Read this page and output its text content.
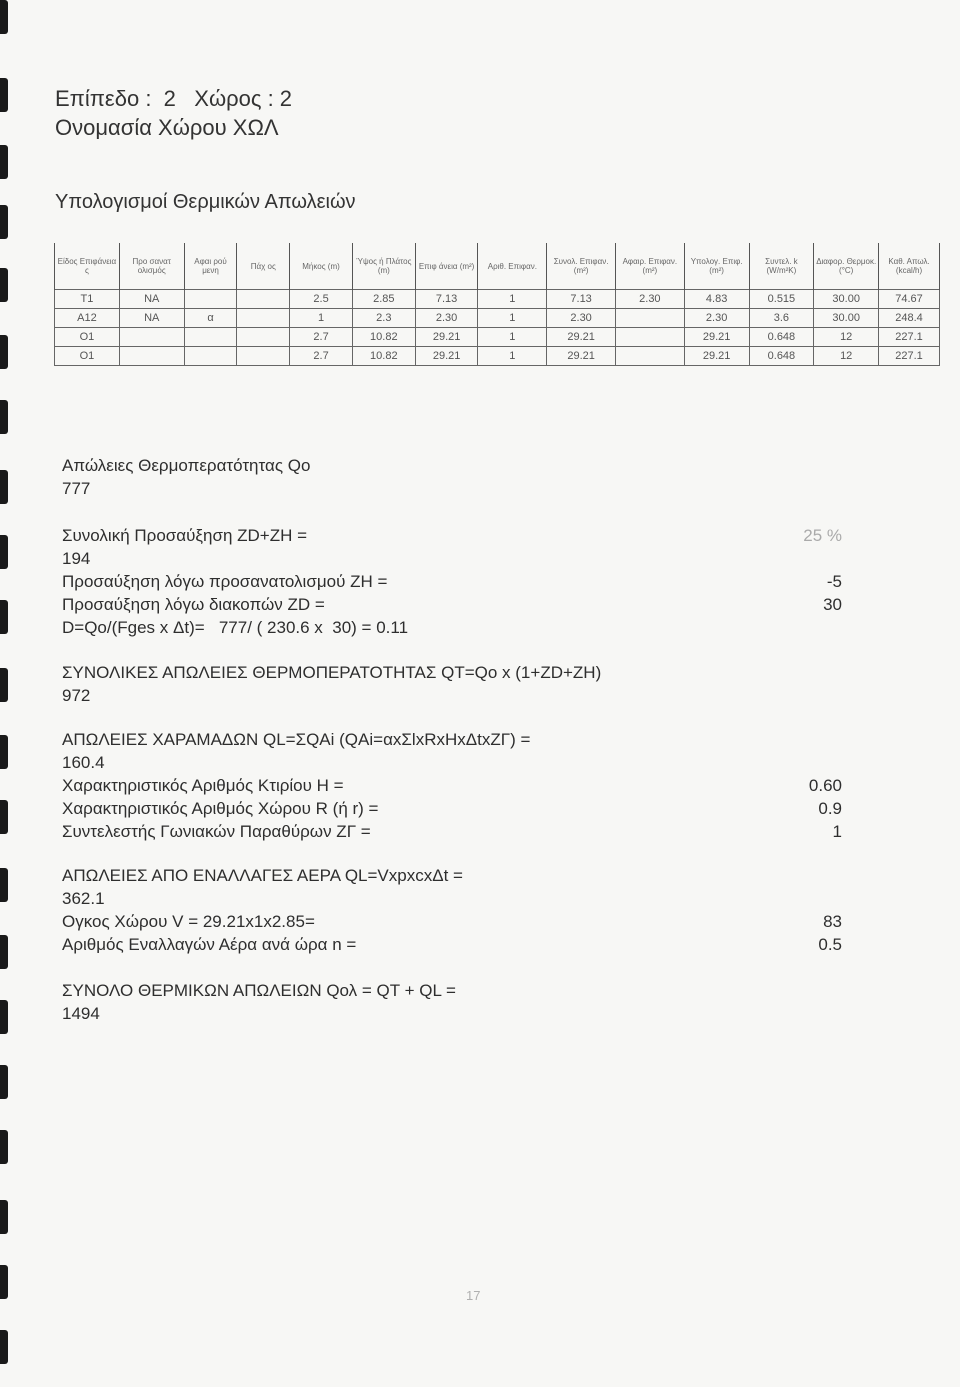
Επίπεδο : 2 Χώρος : 2
Ονομασία Χώρου ΧΩΛ
Υπολογισμοί Θερμικών Απωλειών
Είδος Επιφάνεια ς	Προ σανατ ολισμός	Αφαι ρού μενη	Πάχ ος	Μήκος (m)	Ύψος ή Πλάτος (m)	Επιφ άνεια (m²)	Αριθ. Επιφαν.	Συνολ. Επιφαν. (m²)	Αφαιρ. Επιφαν. (m²)	Υπολογ. Επιφ. (m²)	Συντελ. k (W/m²K)	Διαφορ. Θερμοκ. (°C)	Καθ. Απωλ. (kcal/h)
T1	NA			2.5	2.85	7.13	1	7.13	2.30	4.83	0.515	30.00	74.67
A12	NA	α		1	2.3	2.30	1	2.30		2.30	3.6	30.00	248.4
O1				2.7	10.82	29.21	1	29.21		29.21	0.648	12	227.1
O1				2.7	10.82	29.21	1	29.21		29.21	0.648	12	227.1
Απώλειες Θερμοπερατότητας Qo
777
Συνολική Προσαύξηση ZD+ZH =	25 %
194
Προσαύξηση λόγω προσανατολισμού ZH =	-5
Προσαύξηση λόγω διακοπών ZD =	30
D=Qo/(Fges x Δt)=   777/ ( 230.6 x  30) = 0.11
ΣΥΝΟΛΙΚΕΣ ΑΠΩΛΕΙΕΣ ΘΕΡΜΟΠΕΡΑΤΟΤΗΤΑΣ QT=Qo x (1+ZD+ZH)
972
ΑΠΩΛΕΙΕΣ ΧΑΡΑΜΑΔΩΝ QL=ΣQAi (QAi=αxΣlxRxHxΔtxZΓ) =
160.4
Χαρακτηριστικός Αριθμός Κτιρίου H =	0.60
Χαρακτηριστικός Αριθμός Χώρου R (ή r) =	0.9
Συντελεστής Γωνιακών Παραθύρων ZΓ =	1
ΑΠΩΛΕΙΕΣ ΑΠΟ ΕΝΑΛΛΑΓΕΣ ΑΕΡΑ QL=VxpxcxΔt =
362.1
Ογκος Χώρου V = 29.21x1x2.85=	83
Αριθμός Εναλλαγών Αέρα ανά ώρα n =	0.5
ΣΥΝΟΛΟ ΘΕΡΜΙΚΩΝ ΑΠΩΛΕΙΩΝ Qολ = QT + QL =
1494
17
